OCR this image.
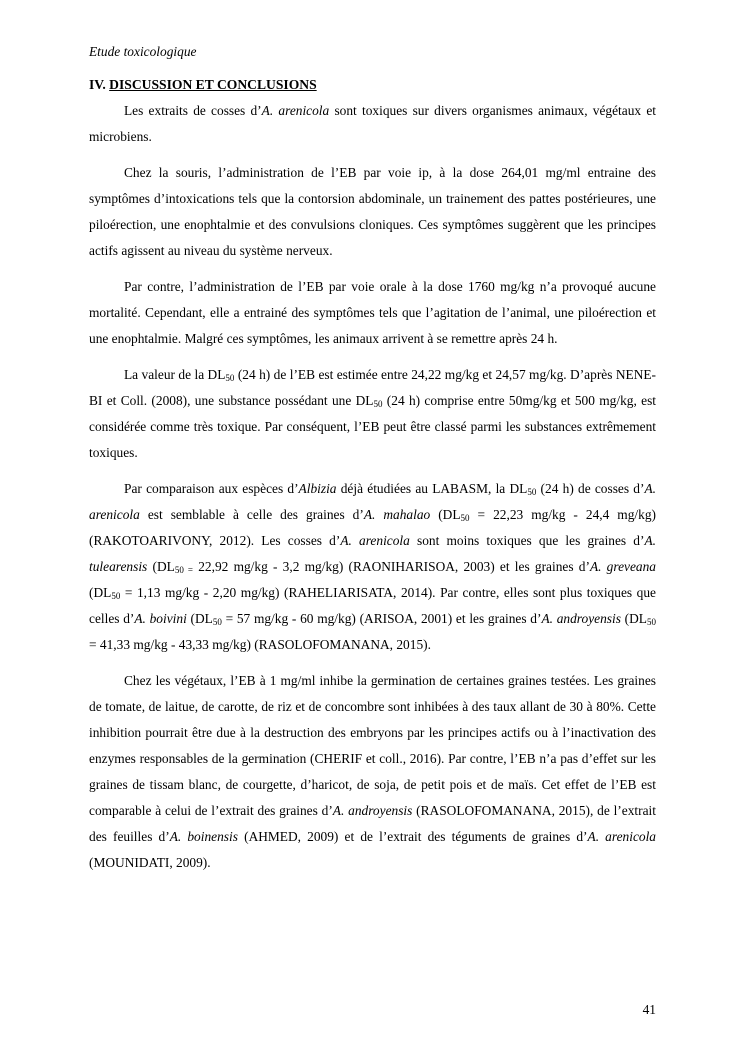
Etude toxicologique
IV. DISCUSSION ET CONCLUSIONS

Les extraits de cosses d’A. arenicola sont toxiques sur divers organismes animaux, végétaux et microbiens.

Chez la souris, l’administration de l’EB par voie ip, à la dose 264,01 mg/ml entraine des symptômes d’intoxications tels que la contorsion abdominale, un trainement des pattes postérieures, une piloérection, une enophtalmie et des convulsions cloniques. Ces symptômes suggèrent que les principes actifs agissent au niveau du système nerveux.

Par contre, l’administration de l’EB par voie orale à la dose 1760 mg/kg n’a provoqué aucune mortalité. Cependant, elle a entrainé des symptômes tels que l’agitation de l’animal, une piloérection et une enophtalmie. Malgré ces symptômes, les animaux arrivent à se remettre après 24 h.

La valeur de la $DL_{50}$ (24 h) de l’EB est estimée entre 24,22 mg/kg et 24,57 mg/kg. D’après NENE-BI et Coll. (2008), une substance possédant une $DL_{50}$ (24 h) comprise entre 50mg/kg et 500 mg/kg, est considérée comme très toxique. Par conséquent, l’EB peut être classé parmi les substances extrêmement toxiques.

Par comparaison aux espèces d’Albizia déjà étudiées au LABASM, la $DL_{50}$ (24 h) de cosses d’A. arenicola est semblable à celle des graines d’A. mahalao ($DL_{50} = 22,23$ mg/kg - 24,4 mg/kg) (RAKOTOARIVONY, 2012). Les cosses d’A. arenicola sont moins toxiques que les graines d’A. tulearensis ($DL_{50 =}$ 22,92 mg/kg - 3,2 mg/kg) (RAONIHARISOA, 2003) et les graines d’A. greveana ($DL_{50} = 1,13$ mg/kg - 2,20 mg/kg) (RAHELIARISATA, 2014). Par contre, elles sont plus toxiques que celles d’A. boivini ($DL_{50} = 57$ mg/kg - 60 mg/kg) (ARISOA, 2001) et les graines d’A. androyensis ($DL_{50} = 41,33$ mg/kg - 43,33 mg/kg) (RASOLOFOMANANA, 2015).

Chez les végétaux, l’EB à 1 mg/ml inhibe la germination de certaines graines testées. Les graines de tomate, de laitue, de carotte, de riz et de concombre sont inhibées à des taux allant de 30 à 80%. Cette inhibition pourrait être due à la destruction des embryons par les principes actifs ou à l’inactivation des enzymes responsables de la germination (CHERIF et coll., 2016). Par contre, l’EB n’a pas d’effet sur les graines de tissam blanc, de courgette, d’haricot, de soja, de petit pois et de maïs. Cet effet de l’EB est comparable à celui de l’extrait des graines d’A. androyensis (RASOLOFOMANANA, 2015), de l’extrait des feuilles d’A. boinensis (AHMED, 2009) et de l’extrait des téguments de graines d’A. arenicola (MOUNIDATI, 2009).

41
